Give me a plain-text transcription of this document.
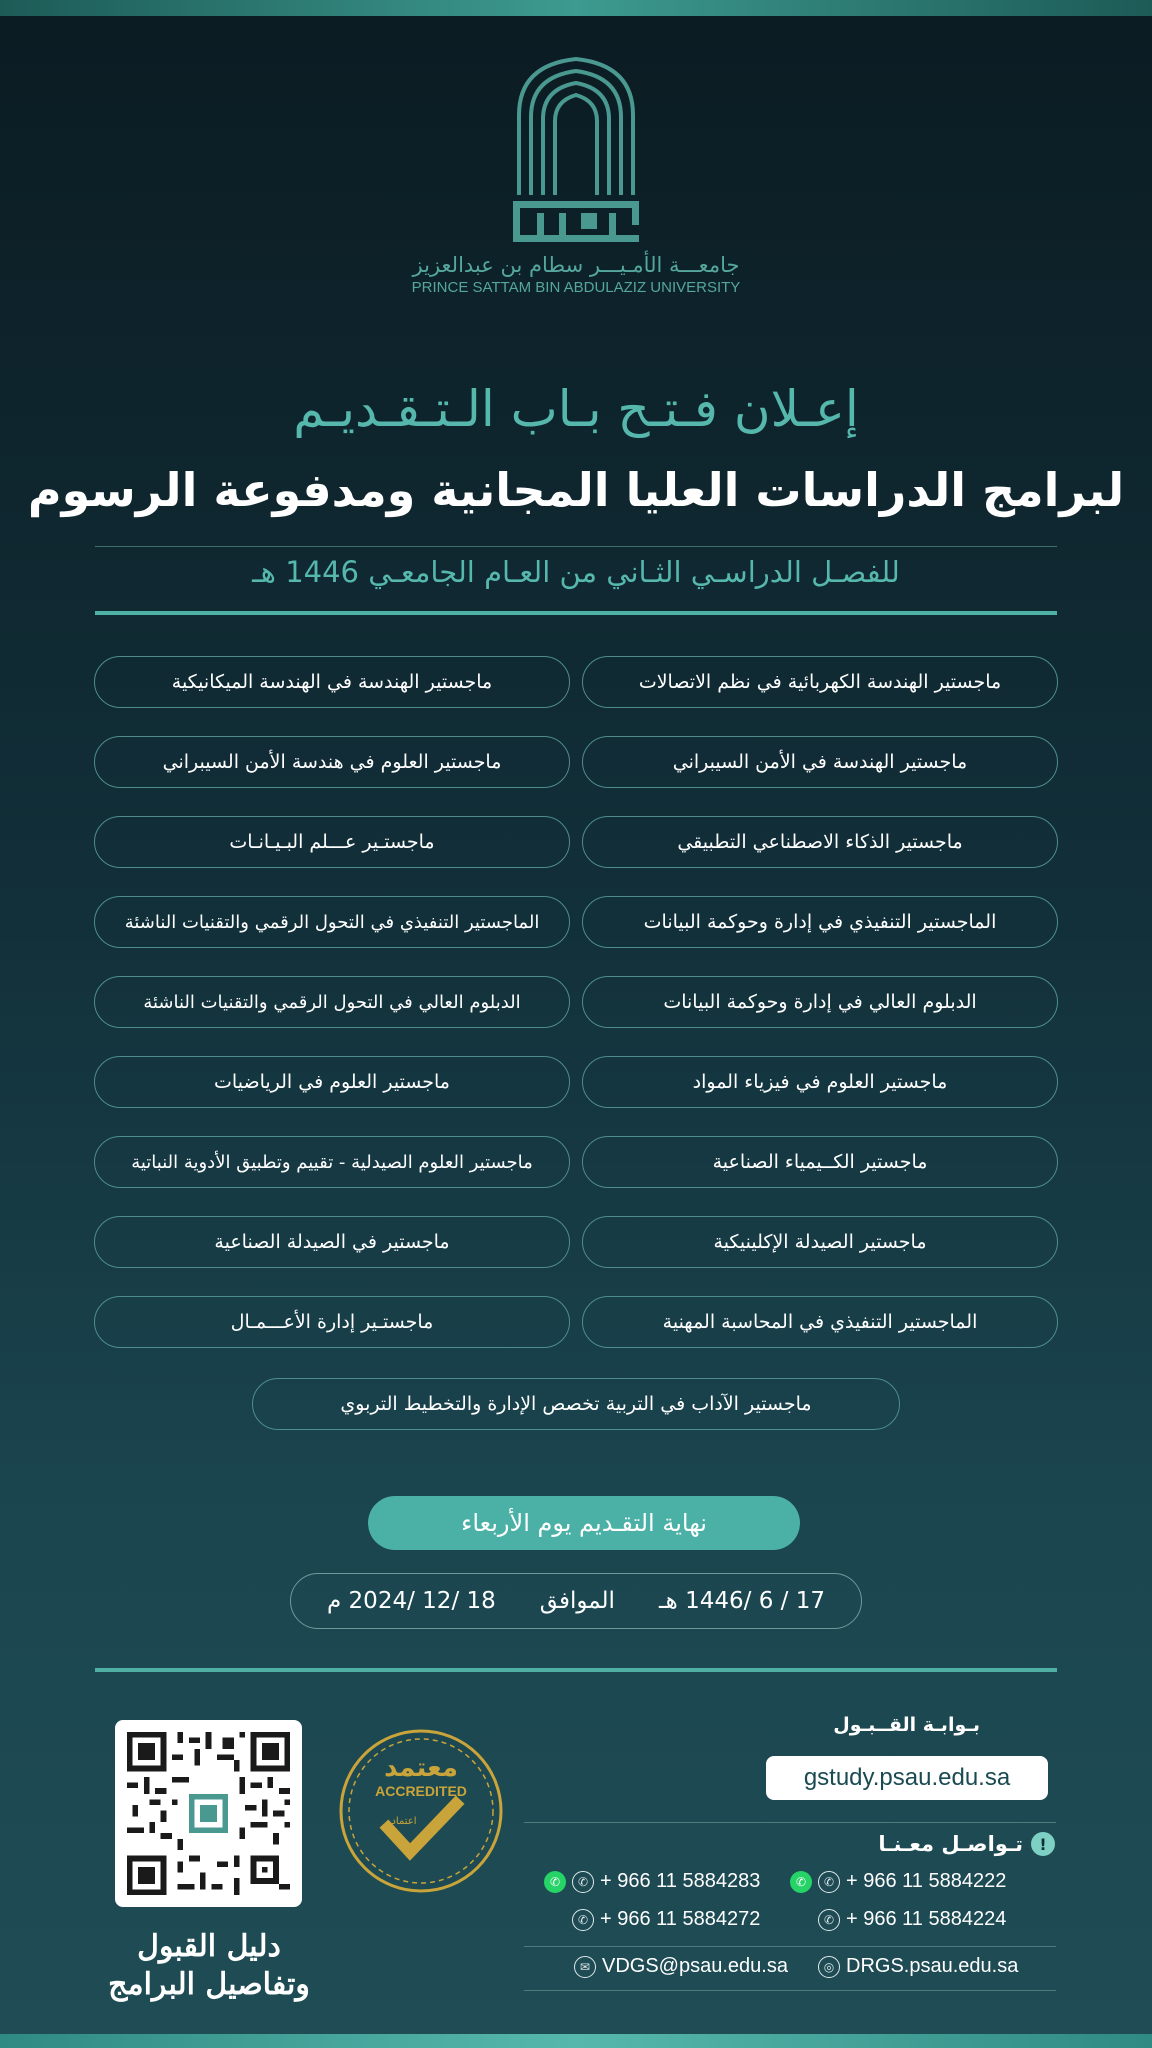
جامعـــة الأمـيـــر سطام بن عبدالعزيز
PRINCE SATTAM BIN ABDULAZIZ UNIVERSITY
إعـلان فـتـح بـاب الـتـقـديـم
لبرامج الدراسات العليا المجانية ومدفوعة الرسوم
للفصـل الدراسـي الثـاني من العـام الجامعـي 1446 هـ
ماجستير الهندسة الكهربائية في نظم الاتصالات
ماجستير الهندسة في الهندسة الميكانيكية
ماجستير الهندسة في الأمن السيبراني
ماجستير العلوم في هندسة الأمن السيبراني
ماجستير الذكاء الاصطناعي التطبيقي
ماجستـير عـــلم البـيـانـات
الماجستير التنفيذي في إدارة وحوكمة البيانات
الماجستير التنفيذي في التحول الرقمي والتقنيات الناشئة
الدبلوم العالي في إدارة وحوكمة البيانات
الدبلوم العالي في التحول الرقمي والتقنيات الناشئة
ماجستير العلوم في فيزياء المواد
ماجستير العلوم في الرياضيات
ماجستير الكــيمياء الصناعية
ماجستير العلوم الصيدلية - تقييم وتطبيق الأدوية النباتية
ماجستير الصيدلة الإكلينيكية
ماجستير في الصيدلة الصناعية
الماجستير التنفيذي في المحاسبة المهنية
ماجستـير إدارة الأعـــمـال
ماجستير الآداب في التربية تخصص الإدارة والتخطيط التربوي
نهاية التقـديم يوم الأربعاء
17 / 6 /1446 هـ
الموافق
18 /12 /2024 م
بـوابـة القــبـول
gstudy.psau.edu.sa
!
تـواصـل معـنـا
✆	✆ + 966 11 5884222
✆	✆ + 966 11 5884283
✆ + 966 11 5884224
✆ + 966 11 5884272
◎ DRGS.psau.edu.sa
✉ VDGS@psau.edu.sa
معتمد
ACCREDITED
اعتماد
دليل القبول
وتفاصيل البرامج
